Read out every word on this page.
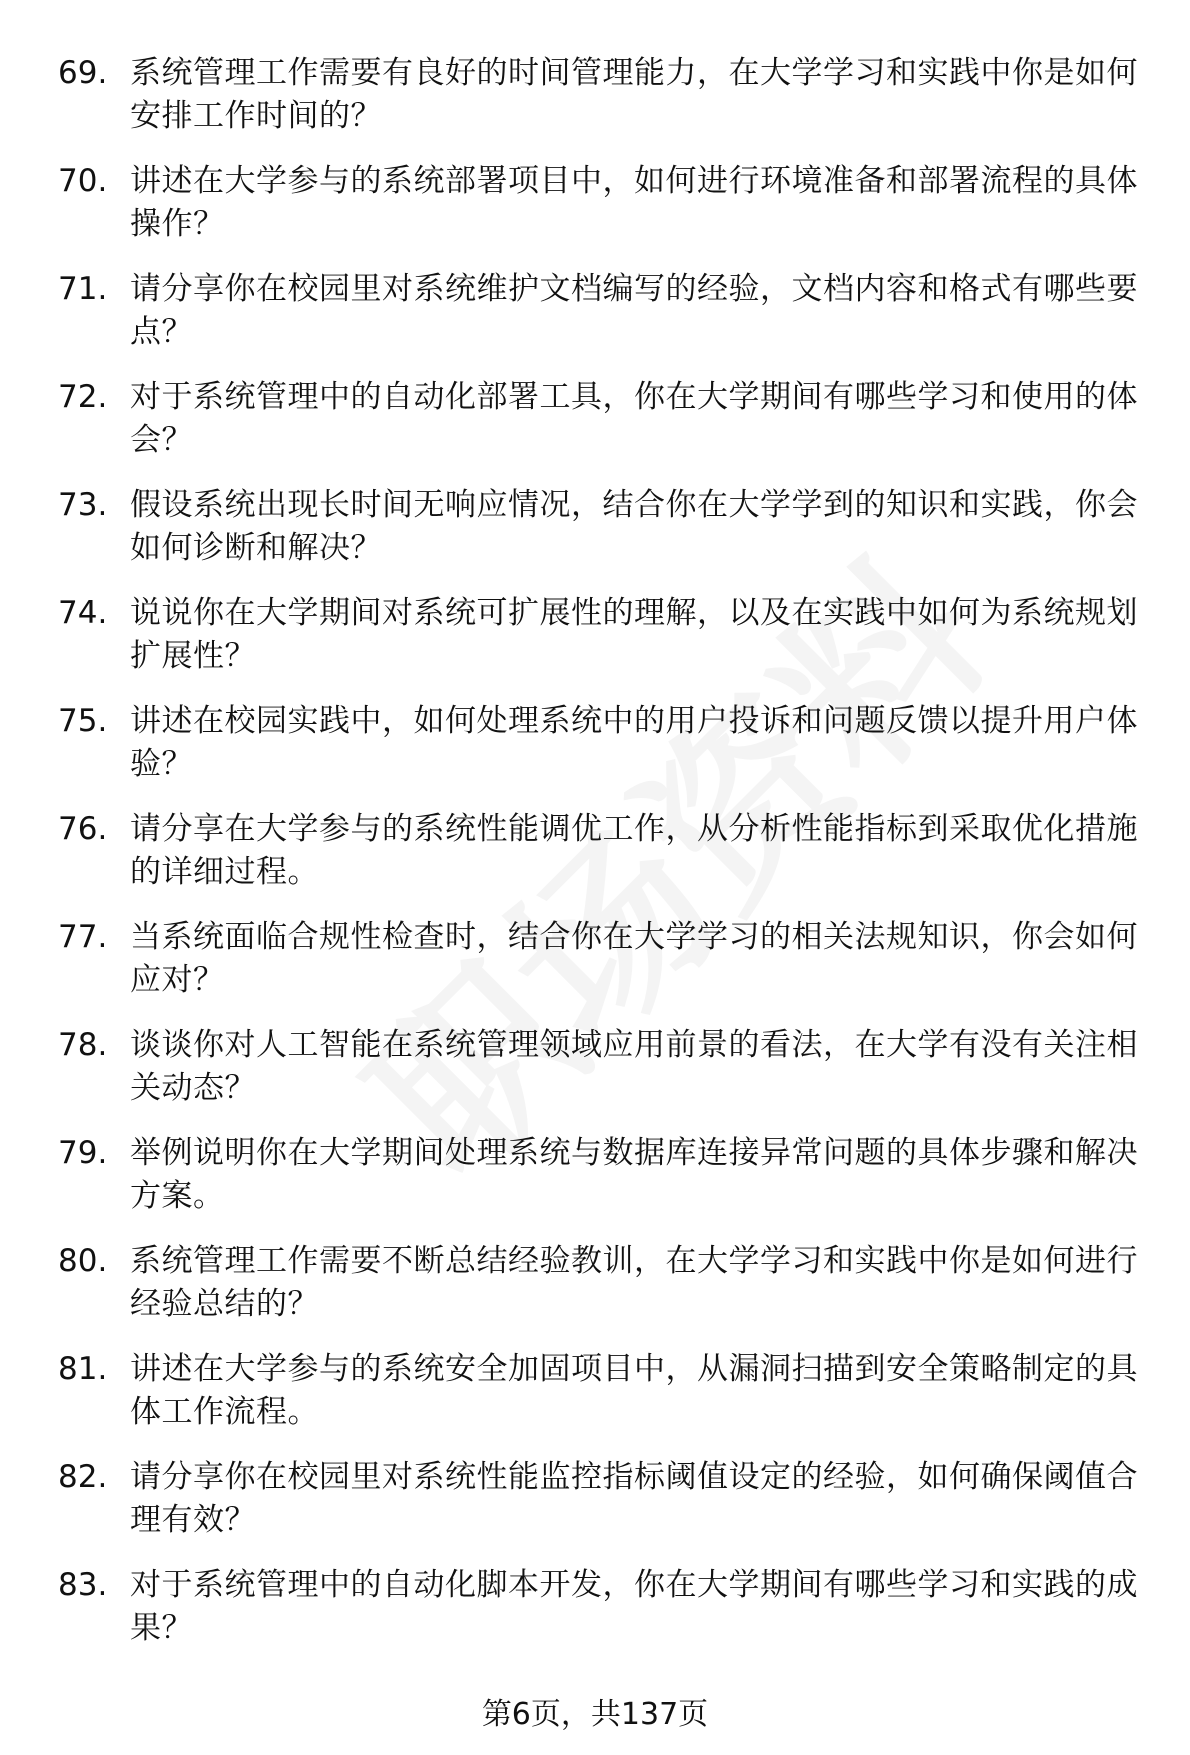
69. 系统管理工作需要有良好的时间管理能力，在大学学习和实践中你是如何安排工作时间的？
70. 讲述在大学参与的系统部署项目中，如何进行环境准备和部署流程的具体操作？
71. 请分享你在校园里对系统维护文档编写的经验，文档内容和格式有哪些要点？
72. 对于系统管理中的自动化部署工具，你在大学期间有哪些学习和使用的体会？
73. 假设系统出现长时间无响应情况，结合你在大学学到的知识和实践，你会如何诊断和解决？
74. 说说你在大学期间对系统可扩展性的理解，以及在实践中如何为系统规划扩展性？
75. 讲述在校园实践中，如何处理系统中的用户投诉和问题反馈以提升用户体验？
76. 请分享在大学参与的系统性能调优工作，从分析性能指标到采取优化措施的详细过程。
77. 当系统面临合规性检查时，结合你在大学学习的相关法规知识，你会如何应对？
78. 谈谈你对人工智能在系统管理领域应用前景的看法，在大学有没有关注相关动态？
79. 举例说明你在大学期间处理系统与数据库连接异常问题的具体步骤和解决方案。
80. 系统管理工作需要不断总结经验教训，在大学学习和实践中你是如何进行经验总结的？
81. 讲述在大学参与的系统安全加固项目中，从漏洞扫描到安全策略制定的具体工作流程。
82. 请分享你在校园里对系统性能监控指标阈值设定的经验，如何确保阈值合理有效？
83. 对于系统管理中的自动化脚本开发，你在大学期间有哪些学习和实践的成果？
第6页，共137页
